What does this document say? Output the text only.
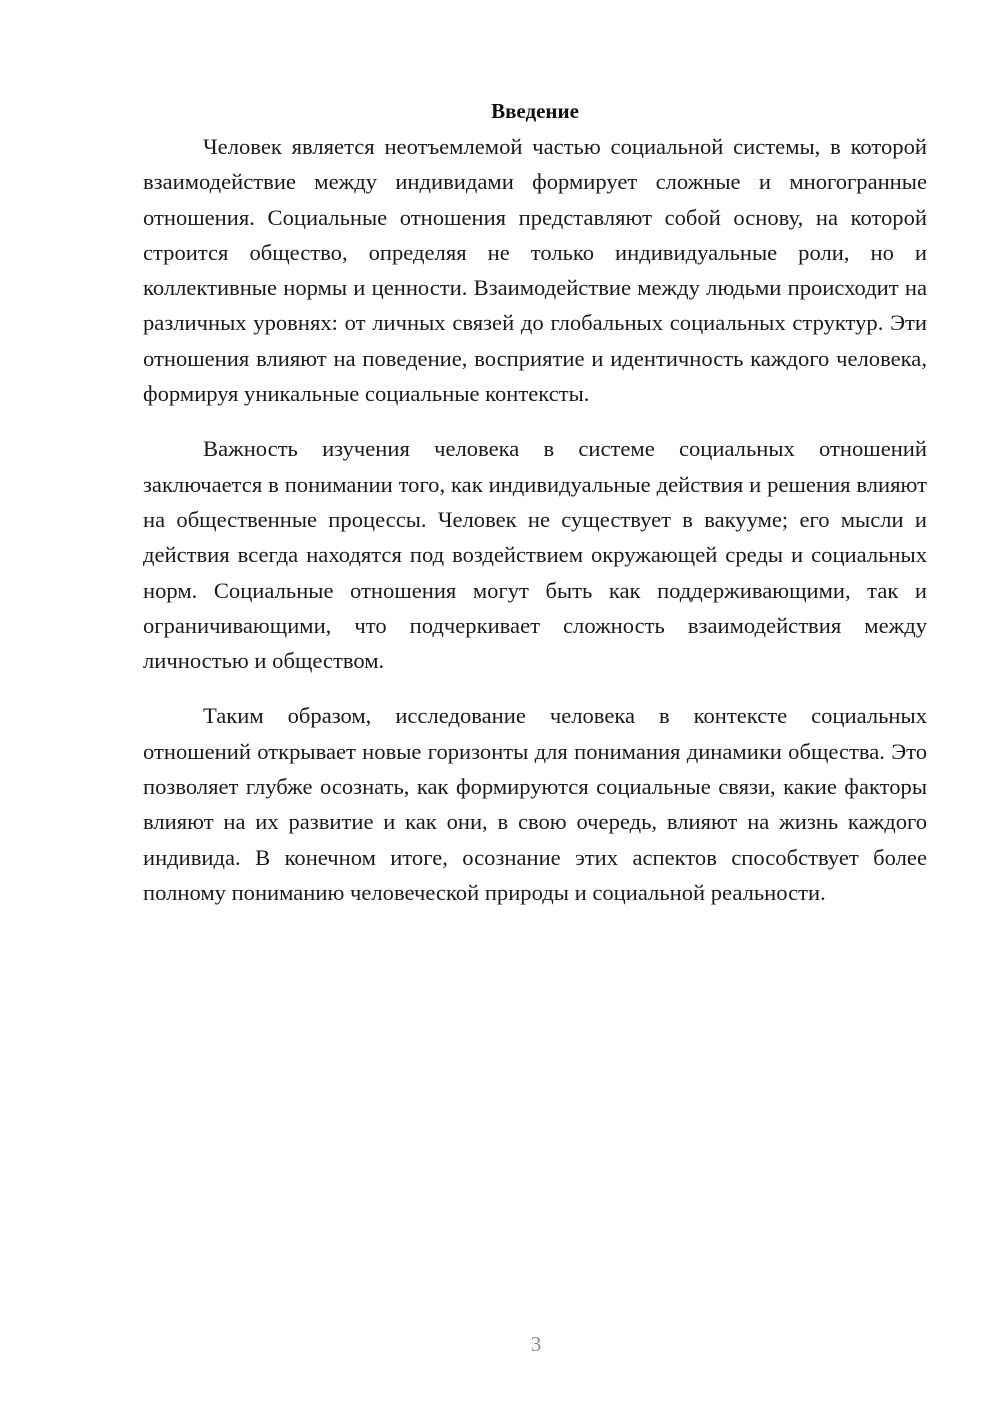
Введение

Человек является неотъемлемой частью социальной системы, в которой взаимодействие между индивидами формирует сложные и многогранные отношения. Социальные отношения представляют собой основу, на которой строится общество, определяя не только индивидуальные роли, но и коллективные нормы и ценности. Взаимодействие между людьми происходит на различных уровнях: от личных связей до глобальных социальных структур. Эти отношения влияют на поведение, восприятие и идентичность каждого человека, формируя уникальные социальные контексты.

Важность изучения человека в системе социальных отношений заключается в понимании того, как индивидуальные действия и решения влияют на общественные процессы. Человек не существует в вакууме; его мысли и действия всегда находятся под воздействием окружающей среды и социальных норм. Социальные отношения могут быть как поддерживающими, так и ограничивающими, что подчеркивает сложность взаимодействия между личностью и обществом.

Таким образом, исследование человека в контексте социальных отношений открывает новые горизонты для понимания динамики общества. Это позволяет глубже осознать, как формируются социальные связи, какие факторы влияют на их развитие и как они, в свою очередь, влияют на жизнь каждого индивида. В конечном итоге, осознание этих аспектов способствует более полному пониманию человеческой природы и социальной реальности.

3
